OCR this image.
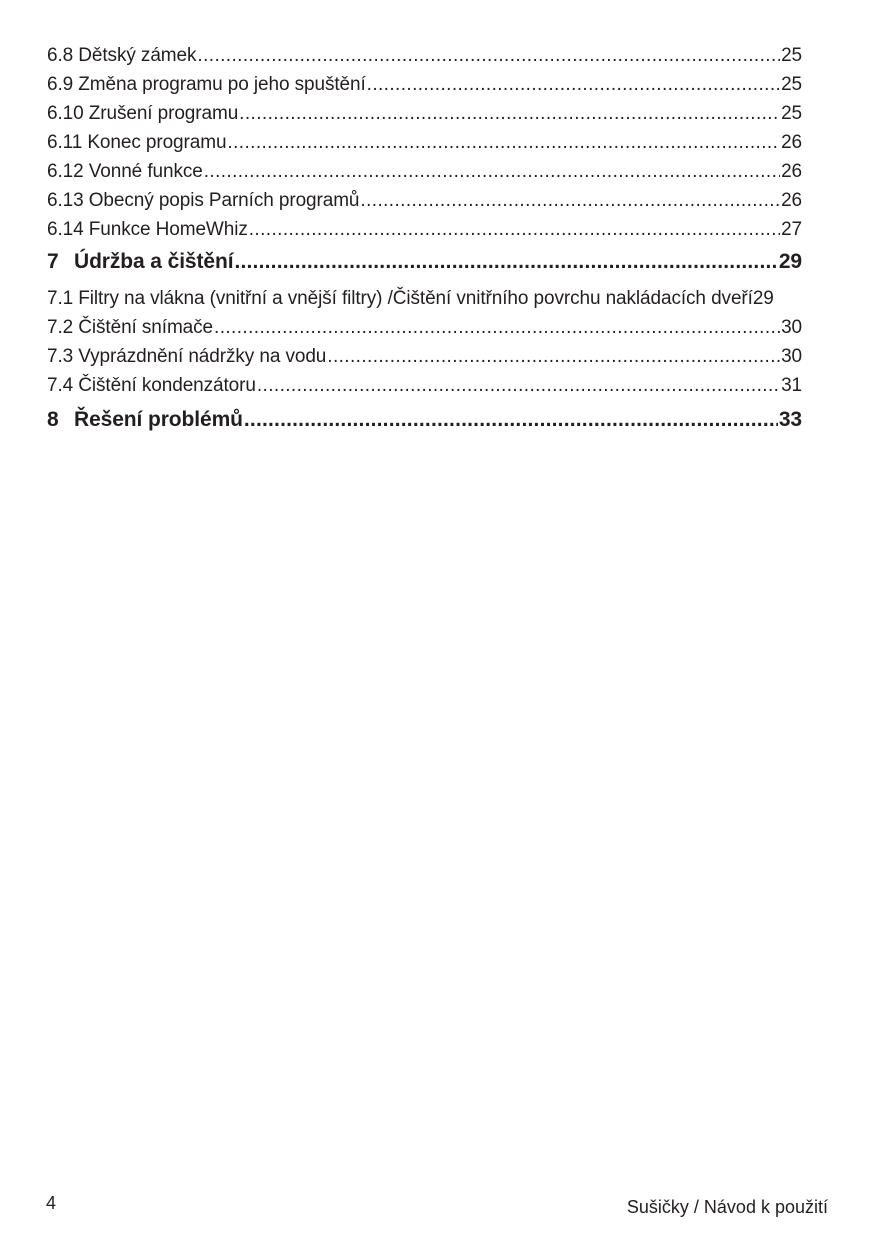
6.8 Dětský zámek .....	25
6.9 Změna programu po jeho spuštění .....	25
6.10 Zrušení programu .....	25
6.11 Konec programu .....	26
6.12 Vonné funkce .....	26
6.13 Obecný popis Parních programů .....	26
6.14 Funkce HomeWhiz .....	27
7 Údržba a čištění .....	29
7.1 Filtry na vlákna (vnitřní a vnější filtry) /Čištění vnitřního povrchu nakládacích dveří 29
7.2 Čištění snímače .....	30
7.3 Vyprázdnění nádržky na vodu .....	30
7.4 Čištění kondenzátoru .....	31
8 Řešení problémů .....	33
4	Sušičky / Návod k použití
